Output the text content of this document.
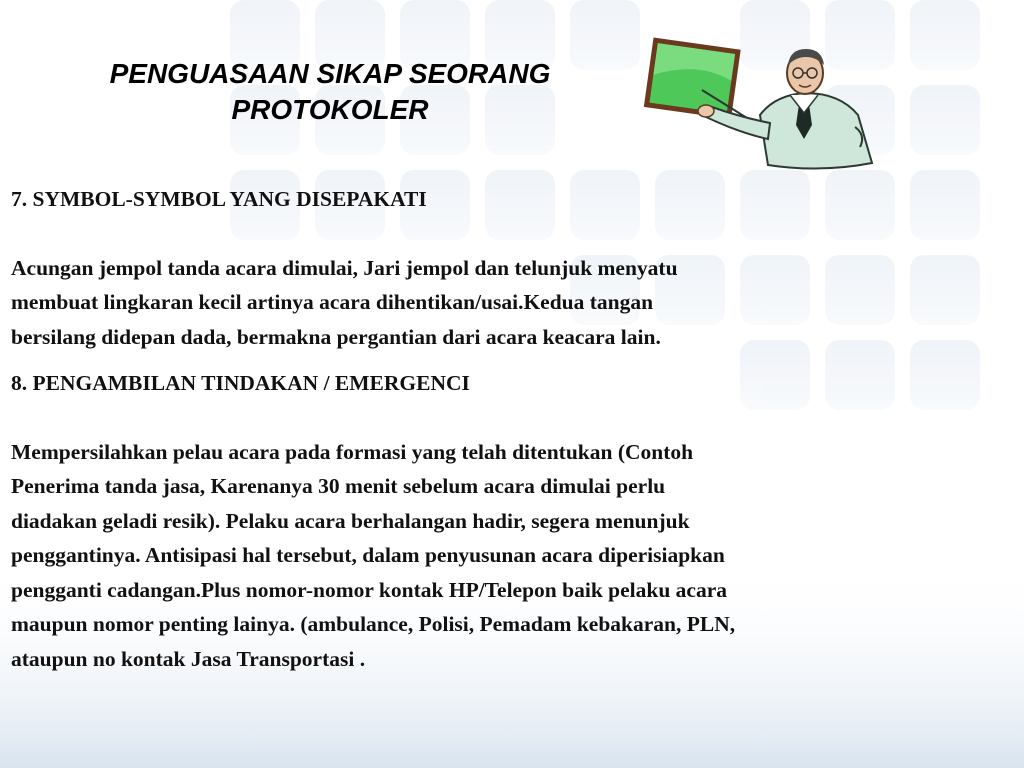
PENGUASAAN SIKAP SEORANG
PROTOKOLER

7. SYMBOL-SYMBOL YANG DISEPAKATI

Acungan jempol tanda acara dimulai, Jari jempol dan telunjuk menyatu

membuat lingkaran kecil artinya acara dihentikan/usai.Kedua tangan

bersilang didepan dada, bermakna pergantian dari acara keacara lain.

8. PENGAMBILAN TINDAKAN / EMERGENCI

Mempersilahkan pelau acara pada formasi yang telah ditentukan (Contoh

Penerima tanda jasa, Karenanya 30 menit sebelum acara dimulai perlu

diadakan geladi resik). Pelaku acara berhalangan hadir, segera menunjuk

penggantinya. Antisipasi hal tersebut, dalam penyusunan acara diperisiapkan

pengganti cadangan.Plus nomor-nomor kontak HP/Telepon baik pelaku acara

maupun nomor penting lainya. (ambulance, Polisi, Pemadam kebakaran, PLN,

ataupun no kontak Jasa Transportasi .
